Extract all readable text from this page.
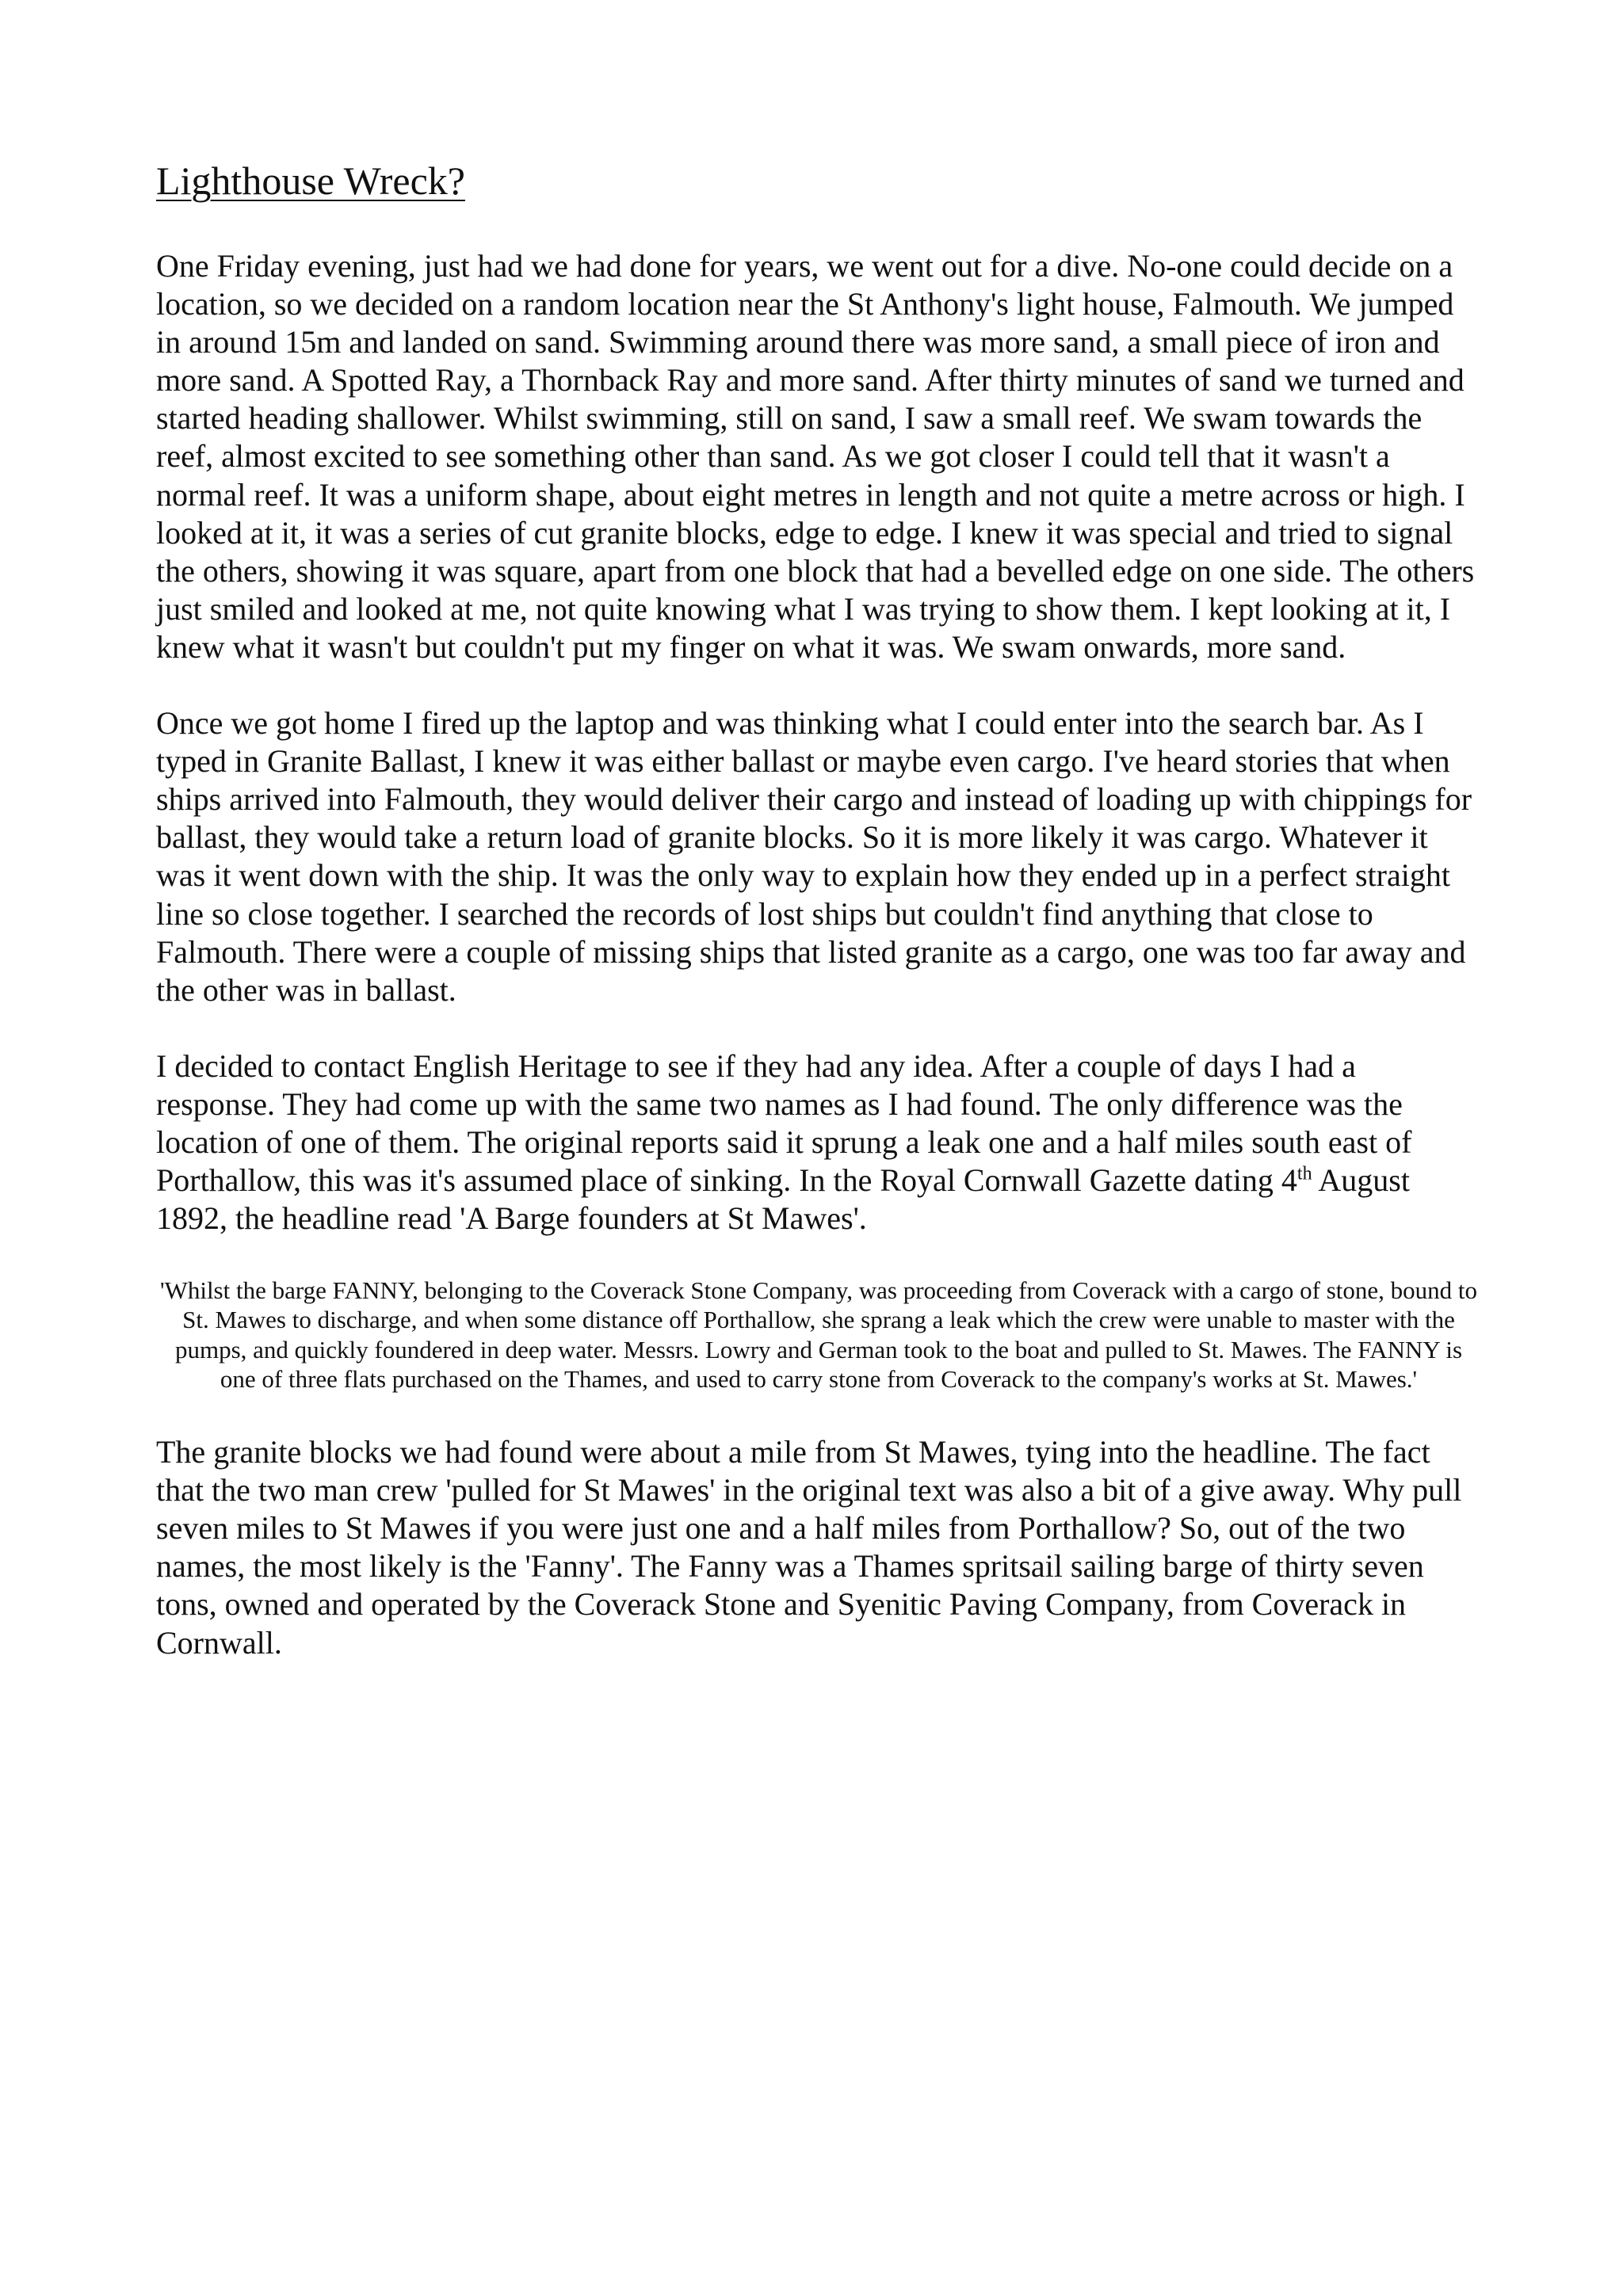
Lighthouse Wreck?

One Friday evening, just had we had done for years, we went out for a dive. No-one could decide on a location, so we decided on a random location near the St Anthony's light house, Falmouth. We jumped in around 15m and landed on sand. Swimming around there was more sand, a small piece of iron and more sand. A Spotted Ray, a Thornback Ray and more sand. After thirty minutes of sand we turned and started heading shallower. Whilst swimming, still on sand, I saw a small reef. We swam towards the reef, almost excited to see something other than sand. As we got closer I could tell that it wasn't a normal reef. It was a uniform shape, about eight metres in length and not quite a metre across or high. I looked at it, it was a series of cut granite blocks, edge to edge. I knew it was special and tried to signal the others, showing it was square, apart from one block that had a bevelled edge on one side. The others just smiled and looked at me, not quite knowing what I was trying to show them. I kept looking at it, I knew what it wasn't but couldn't put my finger on what it was. We swam onwards, more sand.

Once we got home I fired up the laptop and was thinking what I could enter into the search bar. As I typed in Granite Ballast, I knew it was either ballast or maybe even cargo. I've heard stories that when ships arrived into Falmouth, they would deliver their cargo and instead of loading up with chippings for ballast, they would take a return load of granite blocks. So it is more likely it was cargo. Whatever it was it went down with the ship. It was the only way to explain how they ended up in a perfect straight line so close together. I searched the records of lost ships but couldn't find anything that close to Falmouth. There were a couple of missing ships that listed granite as a cargo, one was too far away and the other was in ballast.

I decided to contact English Heritage to see if they had any idea. After a couple of days I had a response. They had come up with the same two names as I had found. The only difference was the location of one of them. The original reports said it sprung a leak one and a half miles south east of Porthallow, this was it's assumed place of sinking. In the Royal Cornwall Gazette dating 4th August 1892, the headline read 'A Barge founders at St Mawes'.

'Whilst the barge FANNY, belonging to the Coverack Stone Company, was proceeding from Coverack with a cargo of stone, bound to St. Mawes to discharge, and when some distance off Porthallow, she sprang a leak which the crew were unable to master with the pumps, and quickly foundered in deep water. Messrs. Lowry and German took to the boat and pulled to St. Mawes. The FANNY is one of three flats purchased on the Thames, and used to carry stone from Coverack to the company's works at St. Mawes.'

The granite blocks we had found were about a mile from St Mawes, tying into the headline. The fact that the two man crew 'pulled for St Mawes' in the original text was also a bit of a give away. Why pull seven miles to St Mawes if you were just one and a half miles from Porthallow? So, out of the two names, the most likely is the 'Fanny'. The Fanny was a Thames spritsail sailing barge of thirty seven tons, owned and operated by the Coverack Stone and Syenitic Paving Company, from Coverack in Cornwall.
